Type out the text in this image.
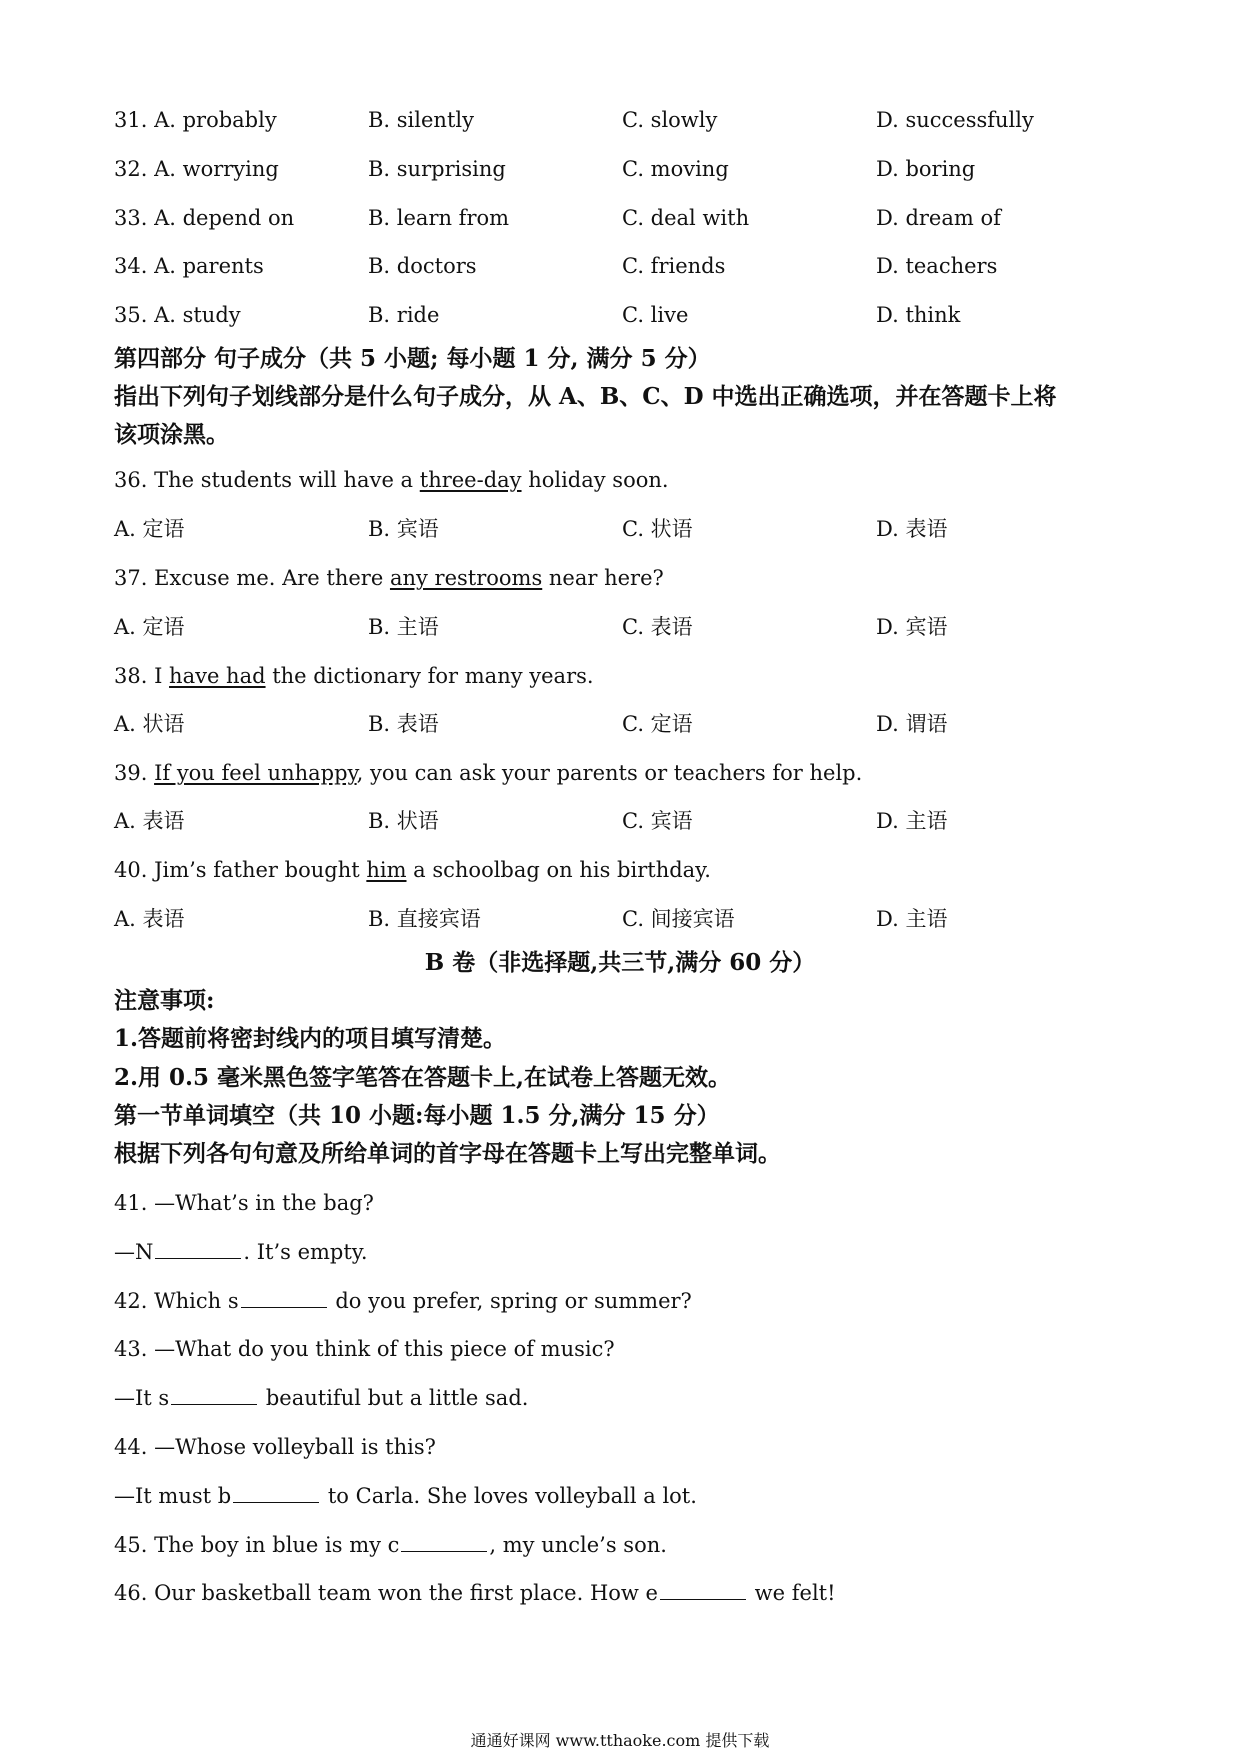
31. A. probably	B. silently	C. slowly	D. successfully
32. A. worrying	B. surprising	C. moving	D. boring
33. A. depend on	B. learn from	C. deal with	D. dream of
34. A. parents	B. doctors	C. friends	D. teachers
35. A. study	B. ride	C. live	D. think
第四部分 句子成分（共 5 小题; 每小题 1 分, 满分 5 分）
指出下列句子划线部分是什么句子成分，从 A、B、C、D 中选出正确选项，并在答题卡上将
该项涂黑。
36. The students will have a three-day holiday soon.
A. 定语	B. 宾语	C. 状语	D. 表语
37. Excuse me. Are there any restrooms near here?
A. 定语	B. 主语	C. 表语	D. 宾语
38. I have had the dictionary for many years.
A. 状语	B. 表语	C. 定语	D. 谓语
39. If you feel unhappy, you can ask your parents or teachers for help.
A. 表语	B. 状语	C. 宾语	D. 主语
40. Jim’s father bought him a schoolbag on his birthday.
A. 表语	B. 直接宾语	C. 间接宾语	D. 主语
B 卷（非选择题,共三节,满分 60 分）
注意事项:
1.答题前将密封线内的项目填写清楚。
2.用 0.5 毫米黑色签字笔答在答题卡上,在试卷上答题无效。
第一节单词填空（共 10 小题:每小题 1.5 分,满分 15 分）
根据下列各句句意及所给单词的首字母在答题卡上写出完整单词。
41. —What’s in the bag?
—N	. It’s empty.
42. Which s	do you prefer, spring or summer?
43. —What do you think of this piece of music?
—It s	beautiful but a little sad.
44. —Whose volleyball is this?
—It must b	to Carla. She loves volleyball a lot.
45. The boy in blue is my c	, my uncle’s son.
46. Our basketball team won the first place. How e	we felt!
通通好课网 www.tthaoke.com 提供下载
